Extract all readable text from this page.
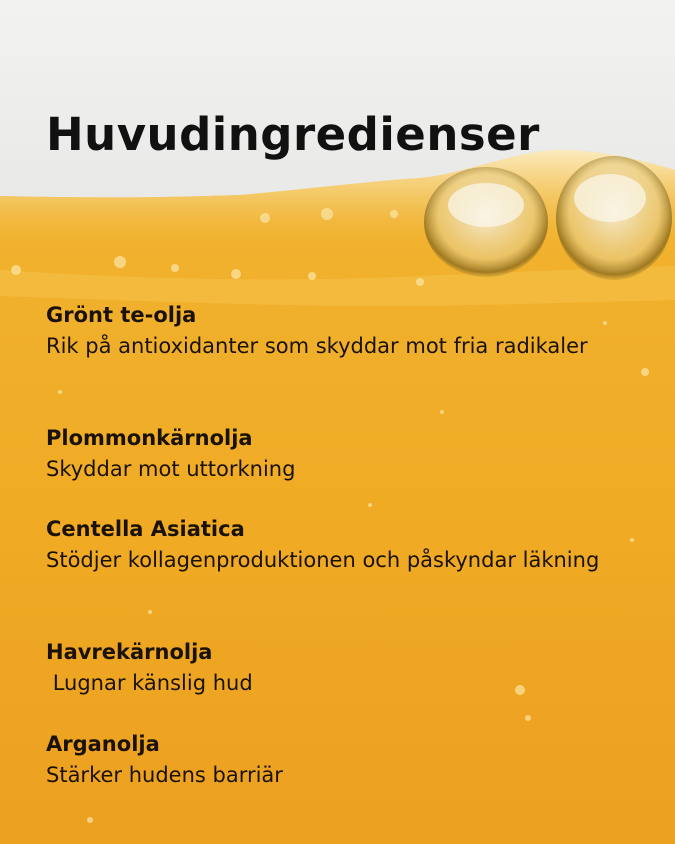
Huvudingredienser
Grönt te-olja
Rik på antioxidanter som skyddar mot fria radikaler
Plommonkärnolja
Skyddar mot uttorkning
Centella Asiatica
Stödjer kollagenproduktionen och påskyndar läkning
Havrekärnolja
Lugnar känslig hud
Arganolja
Stärker hudens barriär
